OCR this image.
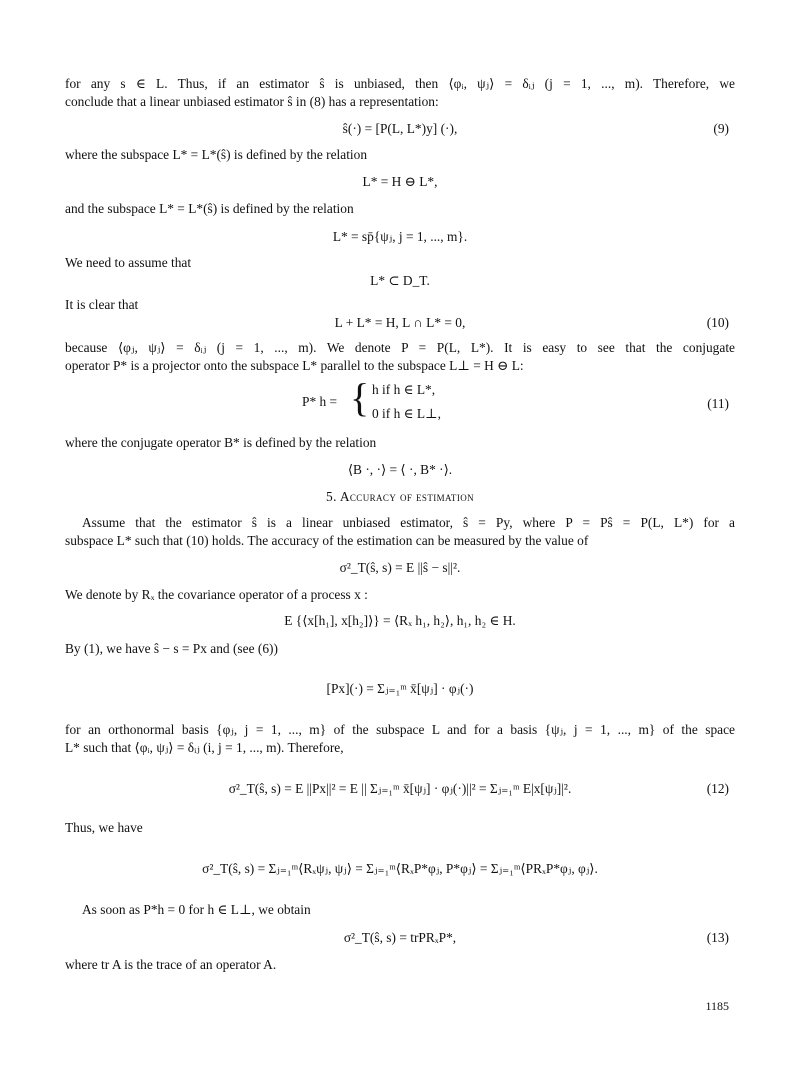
for any s ∈ L. Thus, if an estimator ŝ is unbiased, then ⟨φᵢ, ψⱼ⟩ = δᵢⱼ (j = 1, ..., m). Therefore, we
conclude that a linear unbiased estimator ŝ in (8) has a representation:
ŝ(·) = [P(L, L*)y] (·),	(9)
where the subspace L* = L*(ŝ) is defined by the relation
L* = H ⊖ L*,
and the subspace L* = L*(ŝ) is defined by the relation
L* = sp̄{ψⱼ, j = 1, ..., m}.
We need to assume that
L* ⊂ D_T.
It is clear that
L + L* = H, L ∩ L* = 0,	(10)
because ⟨φⱼ, ψⱼ⟩ = δᵢⱼ (j = 1, ..., m). We denote P = P(L, L*). It is easy to see that the conjugate
operator P* is a projector onto the subspace L* parallel to the subspace L⊥ = H ⊖ L:
P* h = { h if h ∈ L*,
0 if h ∈ L⊥,
(11)
where the conjugate operator B* is defined by the relation
⟨B ·, ·⟩ = ⟨ ·, B* ·⟩.
5. Accuracy of estimation
Assume that the estimator ŝ is a linear unbiased estimator, ŝ = Py, where P = Pŝ = P(L, L*) for a
subspace L* such that (10) holds. The accuracy of the estimation can be measured by the value of
σ²_T(ŝ, s) = E ||ŝ − s||².
We denote by Rₓ the covariance operator of a process x :
E {⟨x[h₁], x[h₂]⟩} = ⟨Rₓ h₁, h₂⟩, h₁, h₂ ∈ H.
By (1), we have ŝ − s = Px and (see (6))
[Px](·) = Σⱼ₌₁ᵐ x̄[ψⱼ] · φⱼ(·)
for an orthonormal basis {φⱼ, j = 1, ..., m} of the subspace L and for a basis {ψⱼ, j = 1, ..., m} of the space
L* such that ⟨φᵢ, ψⱼ⟩ = δᵢⱼ (i, j = 1, ..., m). Therefore,
σ²_T(ŝ, s) = E ||Px||² = E || Σⱼ₌₁ᵐ x̄[ψⱼ] · φⱼ(·)||² = Σⱼ₌₁ᵐ E|x[ψⱼ]|².	(12)
Thus, we have
σ²_T(ŝ, s) = Σⱼ₌₁ᵐ⟨Rₓψⱼ, ψⱼ⟩ = Σⱼ₌₁ᵐ⟨RₓP*φⱼ, P*φⱼ⟩ = Σⱼ₌₁ᵐ⟨PRₓP*φⱼ, φⱼ⟩.
As soon as P*h = 0 for h ∈ L⊥, we obtain
σ²_T(ŝ, s) = trPRₓP*,	(13)
where tr A is the trace of an operator A.
1185
